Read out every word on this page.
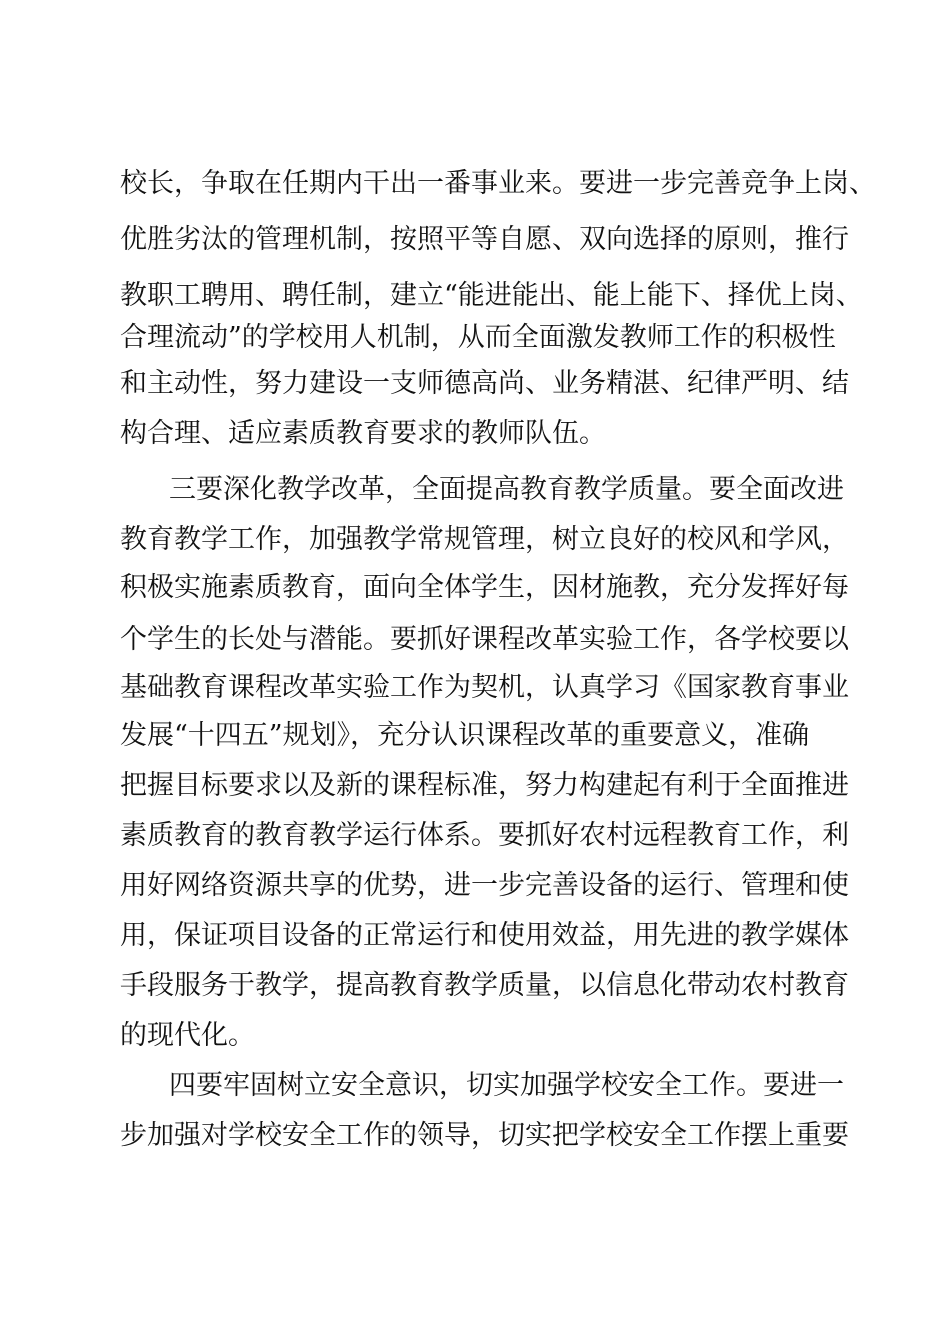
校长，争取在任期内干出一番事业来。要进一步完善竞争上岗、
优胜劣汰的管理机制，按照平等自愿、双向选择的原则，推行
教职工聘用、聘任制，建立“能进能出、能上能下、择优上岗、
合理流动”的学校用人机制，从而全面激发教师工作的积极性
和主动性，努力建设一支师德高尚、业务精湛、纪律严明、结
构合理、适应素质教育要求的教师队伍。
三要深化教学改革，全面提高教育教学质量。要全面改进
教育教学工作，加强教学常规管理，树立良好的校风和学风，
积极实施素质教育，面向全体学生，因材施教，充分发挥好每
个学生的长处与潜能。要抓好课程改革实验工作，各学校要以
基础教育课程改革实验工作为契机，认真学习《国家教育事业
发展“十四五”规划》，充分认识课程改革的重要意义，准确
把握目标要求以及新的课程标准，努力构建起有利于全面推进
素质教育的教育教学运行体系。要抓好农村远程教育工作，利
用好网络资源共享的优势，进一步完善设备的运行、管理和使
用，保证项目设备的正常运行和使用效益，用先进的教学媒体
手段服务于教学，提高教育教学质量，以信息化带动农村教育
的现代化。
四要牢固树立安全意识，切实加强学校安全工作。要进一
步加强对学校安全工作的领导，切实把学校安全工作摆上重要
